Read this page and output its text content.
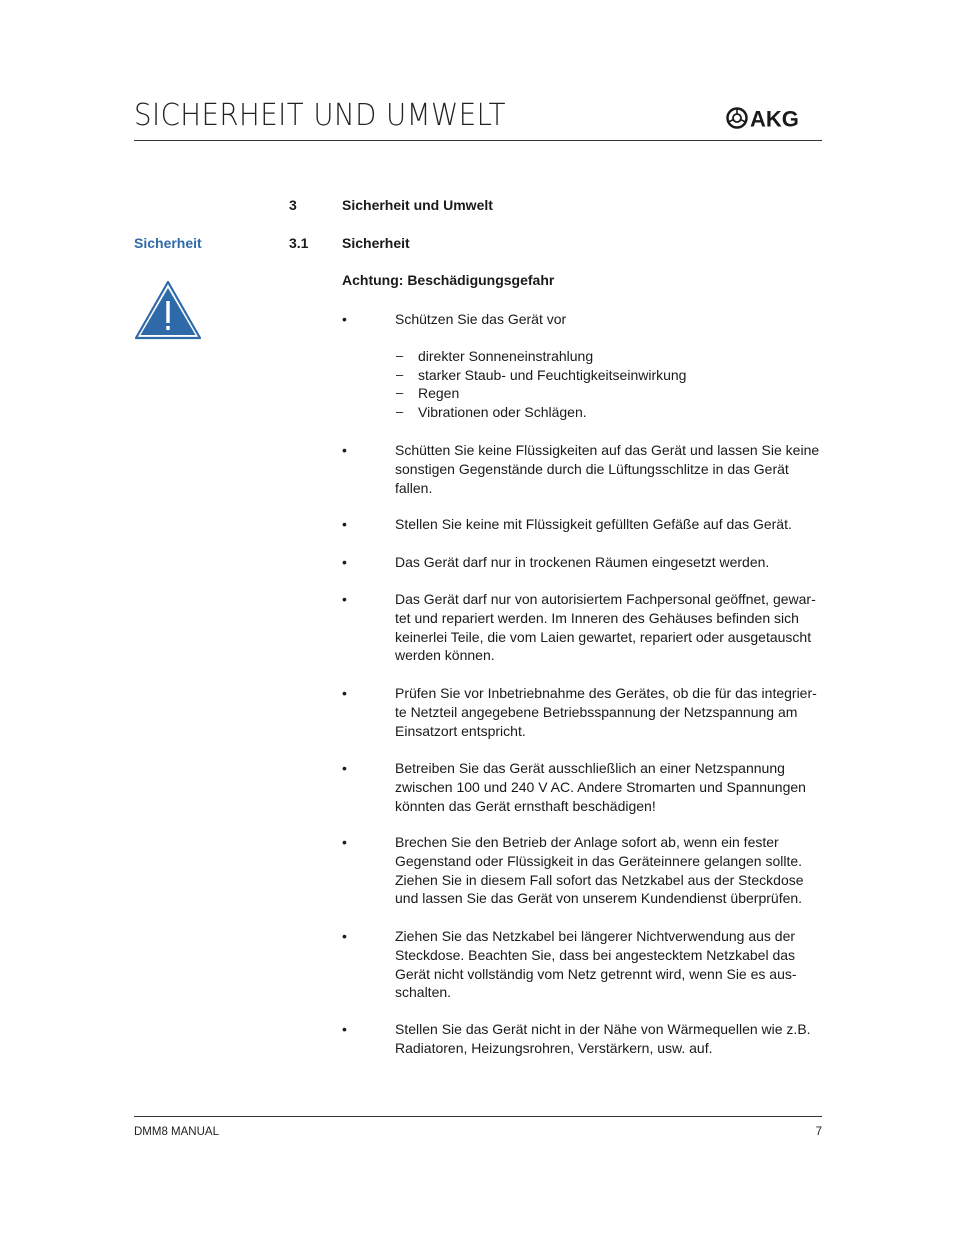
SICHERHEIT UND UMWELT	AKG
3	Sicherheit und Umwelt
Sicherheit	3.1 Sicherheit
Achtung: Beschädigungsgefahr
•	Schützen Sie das Gerät vor
– direkter Sonneneinstrahlung
– starker Staub- und Feuchtigkeitseinwirkung
– Regen
– Vibrationen oder Schlägen.
•	Schütten Sie keine Flüssigkeiten auf das Gerät und lassen Sie keine sonstigen Gegenstände durch die Lüftungsschlitze in das Gerät fallen.
•	Stellen Sie keine mit Flüssigkeit gefüllten Gefäße auf das Gerät.
•	Das Gerät darf nur in trockenen Räumen eingesetzt werden.
•	Das Gerät darf nur von autorisiertem Fachpersonal geöffnet, gewar-tet und repariert werden. Im Inneren des Gehäuses befinden sich keinerlei Teile, die vom Laien gewartet, repariert oder ausgetauscht werden können.
•	Prüfen Sie vor Inbetriebnahme des Gerätes, ob die für das integrier-te Netzteil angegebene Betriebsspannung der Netzspannung am Einsatzort entspricht.
•	Betreiben Sie das Gerät ausschließlich an einer Netzspannung zwischen 100 und 240 V AC. Andere Stromarten und Spannungen könnten das Gerät ernsthaft beschädigen!
•	Brechen Sie den Betrieb der Anlage sofort ab, wenn ein fester Gegenstand oder Flüssigkeit in das Geräteinnere gelangen sollte. Ziehen Sie in diesem Fall sofort das Netzkabel aus der Steckdose und lassen Sie das Gerät von unserem Kundendienst überprüfen.
•	Ziehen Sie das Netzkabel bei längerer Nichtverwendung aus der Steckdose. Beachten Sie, dass bei angestecktem Netzkabel das Gerät nicht vollständig vom Netz getrennt wird, wenn Sie es aus-schalten.
•	Stellen Sie das Gerät nicht in der Nähe von Wärmequellen wie z.B. Radiatoren, Heizungsrohren, Verstärkern, usw. auf.
DMM8 MANUAL	7
